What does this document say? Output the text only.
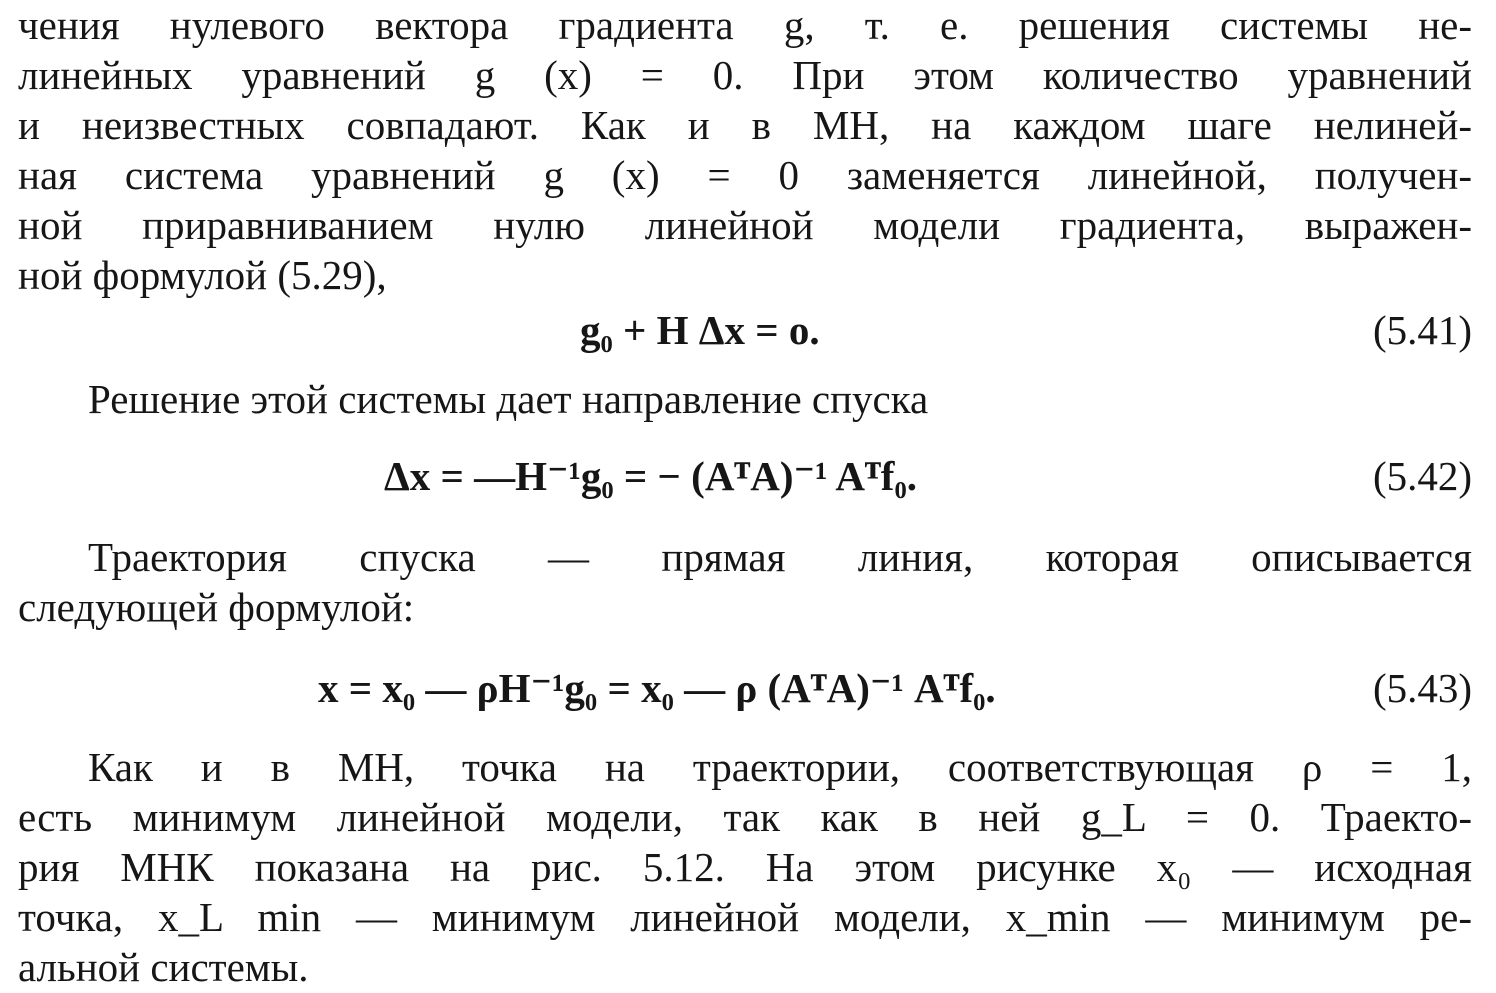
чения нулевого вектора градиента g, т. е. решения системы не-
линейных уравнений g (x) = 0. При этом количество уравнений
и неизвестных совпадают. Как и в МН, на каждом шаге нелиней-
ная система уравнений g (x) = 0 заменяется линейной, получен-
ной приравниванием нулю линейной модели градиента, выражен-
ной формулой (5.29),
g₀ + H Δx = o.	(5.41)
Решение этой системы дает направление спуска
Δx = —H⁻¹g₀ = − (AᵀA)⁻¹ Aᵀf₀.	(5.42)
Траектория спуска — прямая линия, которая описывается
следующей формулой:
x = x₀ — ρH⁻¹g₀ = x₀ — ρ (AᵀA)⁻¹ Aᵀf₀.	(5.43)
Как и в МН, точка на траектории, соответствующая ρ = 1,
есть минимум линейной модели, так как в ней g_L = 0. Траекто-
рия МНК показана на рис. 5.12. На этом рисунке x₀ — исходная
точка, x_L min — минимум линейной модели, x_min — минимум ре-
альной системы.
